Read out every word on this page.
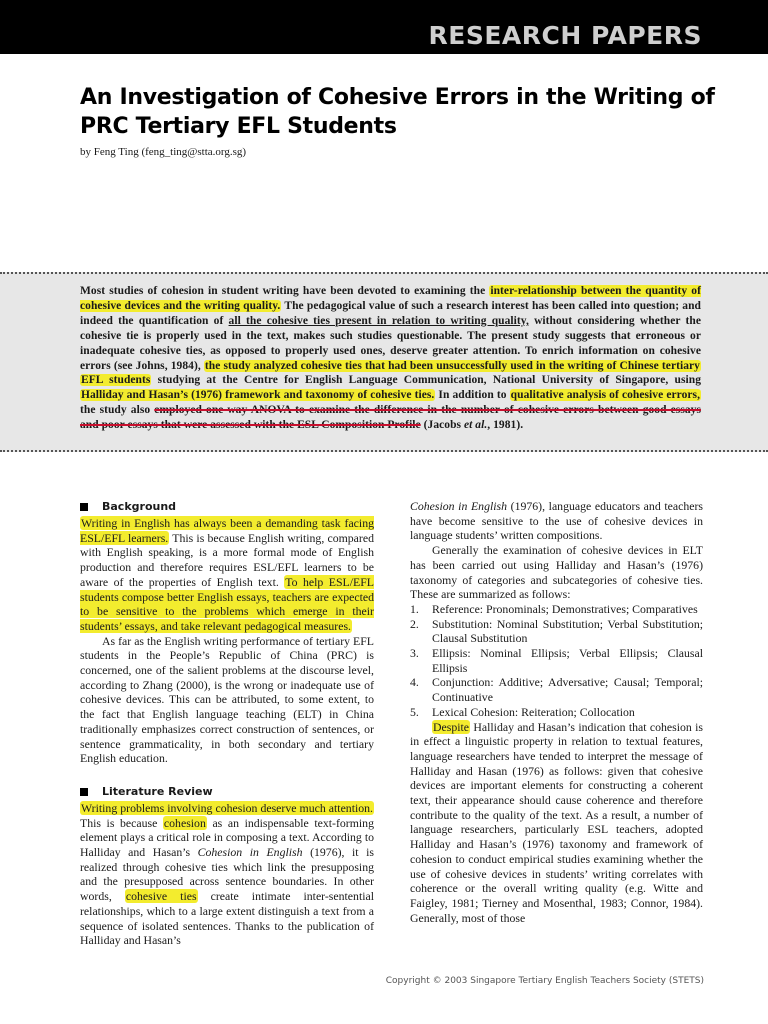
RESEARCH PAPERS
An Investigation of Cohesive Errors in the Writing of PRC Tertiary EFL Students
by Feng Ting (feng_ting@stta.org.sg)

Most studies of cohesion in student writing have been devoted to examining the inter-relationship between the quantity of cohesive devices and the writing quality. The pedagogical value of such a research interest has been called into question; and indeed the quantification of all the cohesive ties present in relation to writing quality, without considering whether the cohesive tie is properly used in the text, makes such studies questionable. The present study suggests that erroneous or inadequate cohesive ties, as opposed to properly used ones, deserve greater attention. To enrich information on cohesive errors (see Johns, 1984), the study analyzed cohesive ties that had been unsuccessfully used in the writing of Chinese tertiary EFL students studying at the Centre for English Language Communication, National University of Singapore, using Halliday and Hasan’s (1976) framework and taxonomy of cohesive ties. In addition to qualitative analysis of cohesive errors, the study also employed one-way ANOVA to examine the difference in the number of cohesive errors between good essays and poor essays that were assessed with the ESL Composition Profile (Jacobs et al., 1981).

Background

Writing in English has always been a demanding task facing ESL/EFL learners. This is because English writing, compared with English speaking, is a more formal mode of English production and therefore requires ESL/EFL learners to be aware of the properties of English text. To help ESL/EFL students compose better English essays, teachers are expected to be sensitive to the problems which emerge in their students’ essays, and take relevant pedagogical measures.

As far as the English writing performance of tertiary EFL students in the People’s Republic of China (PRC) is concerned, one of the salient problems at the discourse level, according to Zhang (2000), is the wrong or inadequate use of cohesive devices. This can be attributed, to some extent, to the fact that English language teaching (ELT) in China traditionally emphasizes correct construction of sentences, or sentence grammaticality, in both secondary and tertiary English education.

Literature Review

Writing problems involving cohesion deserve much attention. This is because cohesion as an indispensable text-forming element plays a critical role in composing a text. According to Halliday and Hasan’s Cohesion in English (1976), it is realized through cohesive ties which link the presupposing and the presupposed across sentence boundaries. In other words, cohesive ties create intimate inter-sentential relationships, which to a large extent distinguish a text from a sequence of isolated sentences. Thanks to the publication of Halliday and Hasan’s

Cohesion in English (1976), language educators and teachers have become sensitive to the use of cohesive devices in language students’ written compositions.

Generally the examination of cohesive devices in ELT has been carried out using Halliday and Hasan’s (1976) taxonomy of categories and subcategories of cohesive ties. These are summarized as follows:

1. Reference: Pronominals; Demonstratives; Comparatives
2. Substitution: Nominal Substitution; Verbal Substitution; Clausal Substitution
3. Ellipsis: Nominal Ellipsis; Verbal Ellipsis; Clausal Ellipsis
4. Conjunction: Additive; Adversative; Causal; Temporal; Continuative
5. Lexical Cohesion: Reiteration; Collocation

Despite Halliday and Hasan’s indication that cohesion is in effect a linguistic property in relation to textual features, language researchers have tended to interpret the message of Halliday and Hasan (1976) as follows: given that cohesive devices are important elements for constructing a coherent text, their appearance should cause coherence and therefore contribute to the quality of the text. As a result, a number of language researchers, particularly ESL teachers, adopted Halliday and Hasan’s (1976) taxonomy and framework of cohesion to conduct empirical studies examining whether the use of cohesive devices in students’ writing correlates with coherence or the overall writing quality (e.g. Witte and Faigley, 1981; Tierney and Mosenthal, 1983; Connor, 1984). Generally, most of those

Copyright © 2003 Singapore Tertiary English Teachers Society (STETS)
